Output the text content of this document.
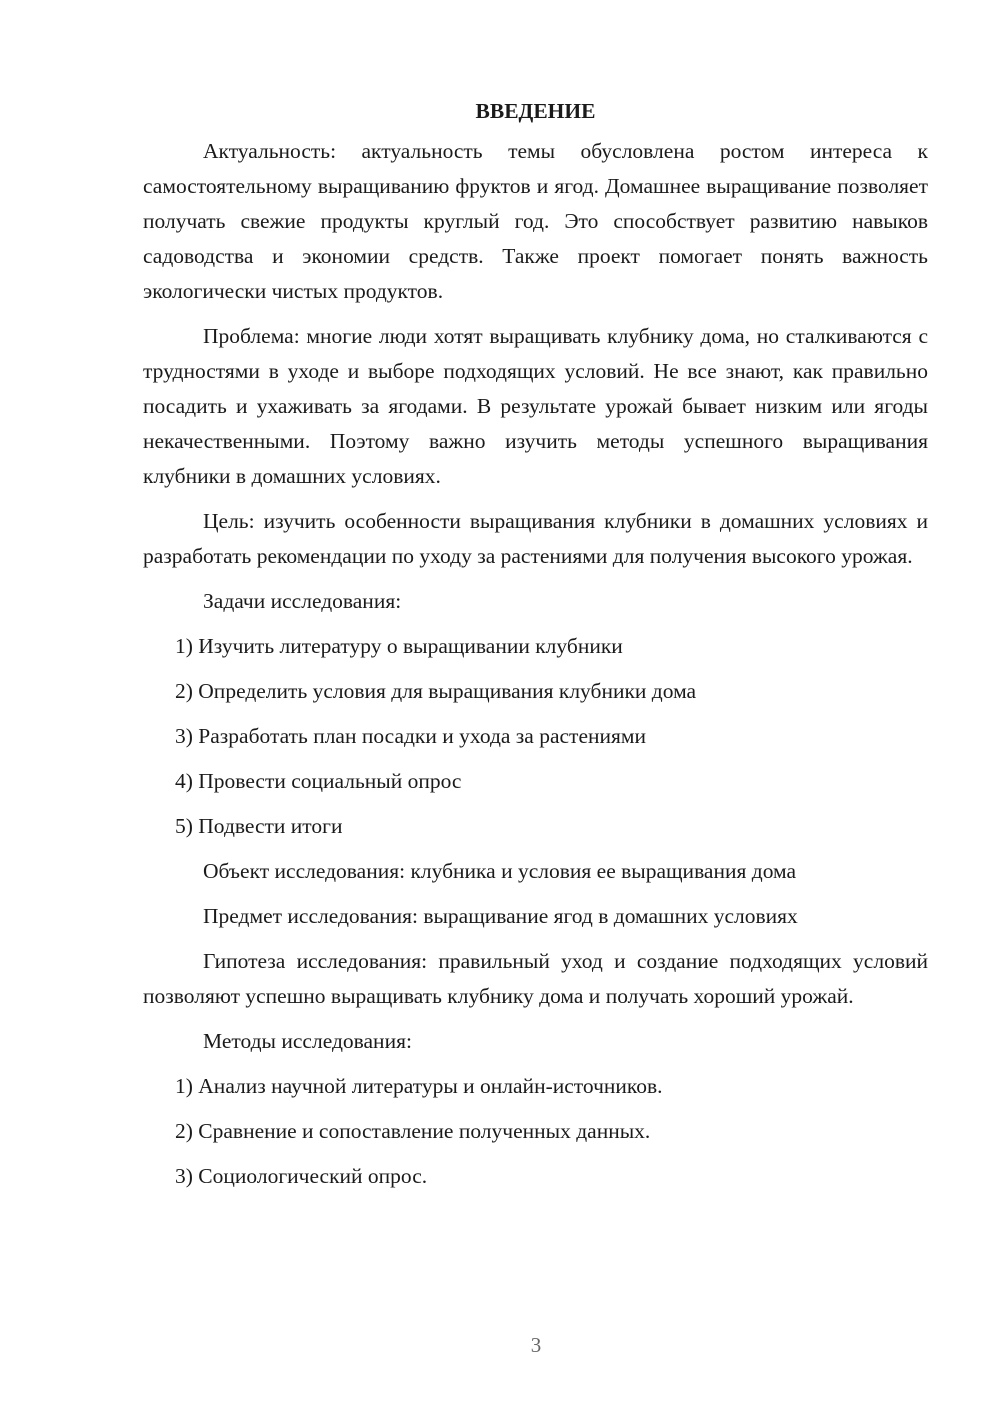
ВВЕДЕНИЕ

Актуальность: актуальность темы обусловлена ростом интереса к самостоятельному выращиванию фруктов и ягод. Домашнее выращивание позволяет получать свежие продукты круглый год. Это способствует развитию навыков садоводства и экономии средств. Также проект помогает понять важность экологически чистых продуктов.

Проблема: многие люди хотят выращивать клубнику дома, но сталкиваются с трудностями в уходе и выборе подходящих условий. Не все знают, как правильно посадить и ухаживать за ягодами. В результате урожай бывает низким или ягоды некачественными. Поэтому важно изучить методы успешного выращивания клубники в домашних условиях.

Цель: изучить особенности выращивания клубники в домашних условиях и разработать рекомендации по уходу за растениями для получения высокого урожая.

Задачи исследования:

1) Изучить литературу о выращивании клубники

2) Определить условия для выращивания клубники дома

3) Разработать план посадки и ухода за растениями

4) Провести социальный опрос

5) Подвести итоги

Объект исследования: клубника и условия ее выращивания дома

Предмет исследования: выращивание ягод в домашних условиях

Гипотеза исследования: правильный уход и создание подходящих условий позволяют успешно выращивать клубнику дома и получать хороший урожай.

Методы исследования:

1) Анализ научной литературы и онлайн-источников.

2) Сравнение и сопоставление полученных данных.

3) Социологический опрос.

3
